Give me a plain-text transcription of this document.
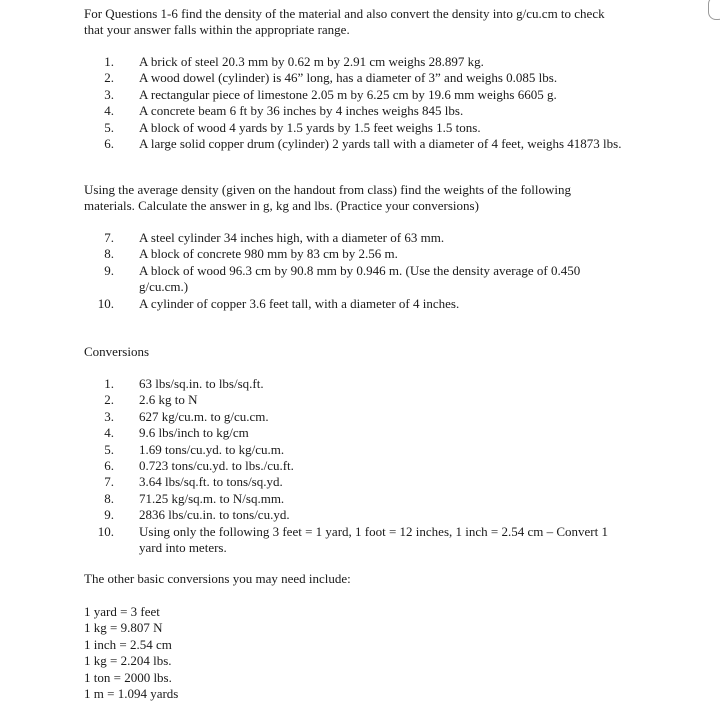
For Questions 1-6 find the density of the material and also convert the density into g/cu.cm to check that your answer falls within the appropriate range.

1.	A brick of steel 20.3 mm by 0.62 m by 2.91 cm weighs 28.897 kg.
2.	A wood dowel (cylinder) is 46” long, has a diameter of 3” and weighs 0.085 lbs.
3.	A rectangular piece of limestone 2.05 m by 6.25 cm by 19.6 mm weighs 6605 g.
4.	A concrete beam 6 ft by 36 inches by 4 inches weighs 845 lbs.
5.	A block of wood 4 yards by 1.5 yards by 1.5 feet weighs 1.5 tons.
6.	A large solid copper drum (cylinder) 2 yards tall with a diameter of 4 feet, weighs 41873 lbs.

Using the average density (given on the handout from class) find the weights of the following materials. Calculate the answer in g, kg and lbs. (Practice your conversions)

7.	A steel cylinder 34 inches high, with a diameter of 63 mm.
8.	A block of concrete 980 mm by 83 cm by 2.56 m.
9.	A block of wood 96.3 cm by 90.8 mm by 0.946 m. (Use the density average of 0.450 g/cu.cm.)
10.	A cylinder of copper 3.6 feet tall, with a diameter of 4 inches.

Conversions

1.	63 lbs/sq.in. to lbs/sq.ft.
2.	2.6 kg to N
3.	627 kg/cu.m. to g/cu.cm.
4.	9.6 lbs/inch to kg/cm
5.	1.69 tons/cu.yd. to kg/cu.m.
6.	0.723 tons/cu.yd. to lbs./cu.ft.
7.	3.64 lbs/sq.ft. to tons/sq.yd.
8.	71.25 kg/sq.m. to N/sq.mm.
9.	2836 lbs/cu.in. to tons/cu.yd.
10.	Using only the following 3 feet = 1 yard, 1 foot = 12 inches, 1 inch = 2.54 cm – Convert 1 yard into meters.

The other basic conversions you may need include:

1 yard = 3 feet
1 kg = 9.807 N
1 inch = 2.54 cm
1 kg = 2.204 lbs.
1 ton = 2000 lbs.
1 m = 1.094 yards
